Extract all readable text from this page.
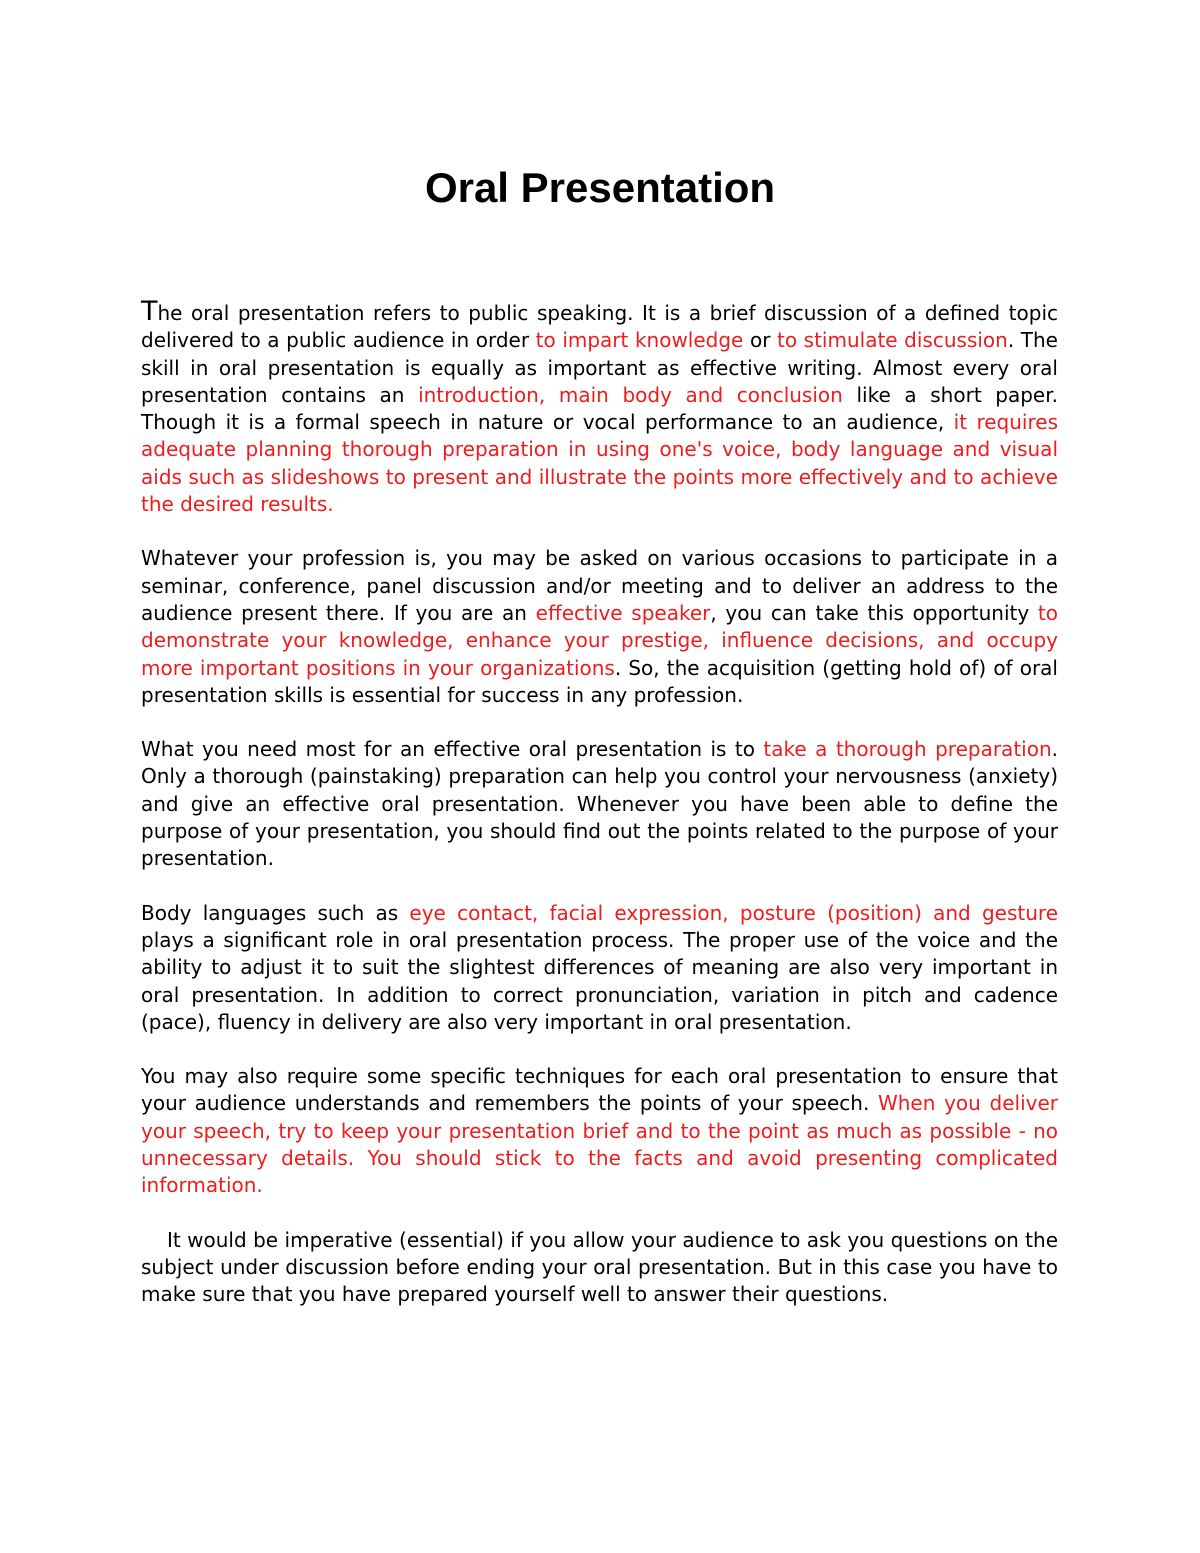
Oral Presentation

The oral presentation refers to public speaking. It is a brief discussion of a defined topic delivered to a public audience in order to impart knowledge or to stimulate discussion. The skill in oral presentation is equally as important as effective writing. Almost every oral presentation contains an introduction, main body and conclusion like a short paper. Though it is a formal speech in nature or vocal performance to an audience, it requires adequate planning thorough preparation in using one's voice, body language and visual aids such as slideshows to present and illustrate the points more effectively and to achieve the desired results.

Whatever your profession is, you may be asked on various occasions to participate in a seminar, conference, panel discussion and/or meeting and to deliver an address to the audience present there. If you are an effective speaker, you can take this opportunity to demonstrate your knowledge, enhance your prestige, influence decisions, and occupy more important positions in your organizations. So, the acquisition (getting hold of) of oral presentation skills is essential for success in any profession.

What you need most for an effective oral presentation is to take a thorough preparation. Only a thorough (painstaking) preparation can help you control your nervousness (anxiety) and give an effective oral presentation. Whenever you have been able to define the purpose of your presentation, you should find out the points related to the purpose of your presentation.

Body languages such as eye contact, facial expression, posture (position) and gesture plays a significant role in oral presentation process. The proper use of the voice and the ability to adjust it to suit the slightest differences of meaning are also very important in oral presentation. In addition to correct pronunciation, variation in pitch and cadence (pace), fluency in delivery are also very important in oral presentation.

You may also require some specific techniques for each oral presentation to ensure that your audience understands and remembers the points of your speech. When you deliver your speech, try to keep your presentation brief and to the point as much as possible - no unnecessary details. You should stick to the facts and avoid presenting complicated information.

It would be imperative (essential) if you allow your audience to ask you questions on the subject under discussion before ending your oral presentation. But in this case you have to make sure that you have prepared yourself well to answer their questions.
